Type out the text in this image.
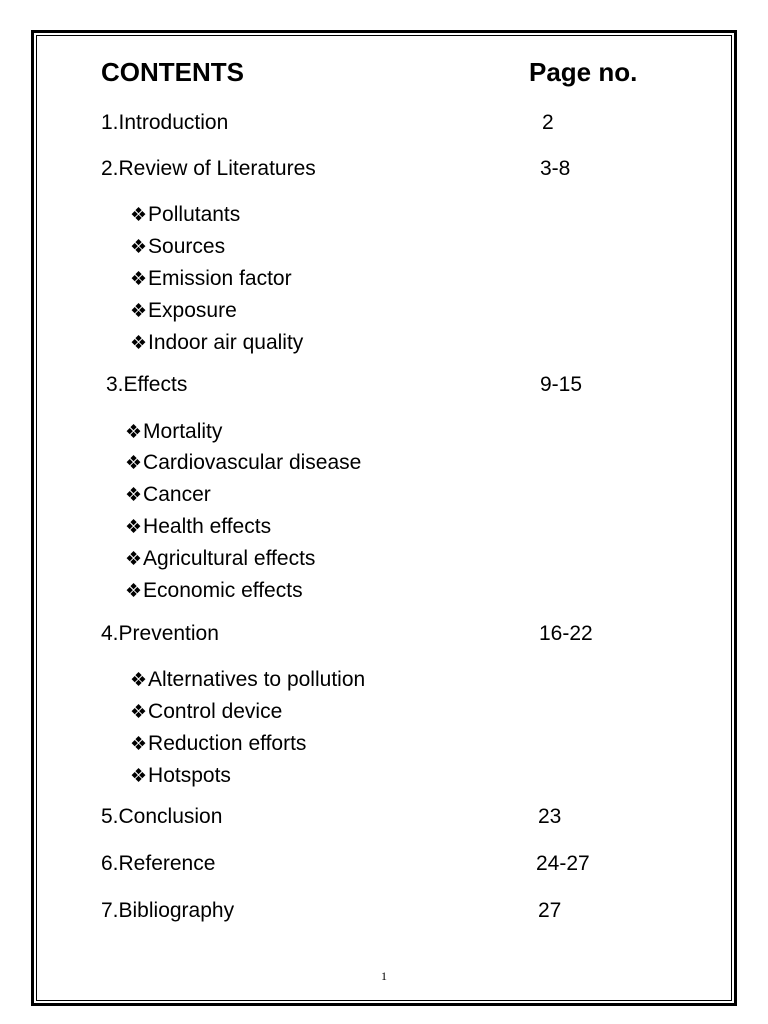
CONTENTS	Page no.
1.Introduction	2
2.Review of Literatures	3-8
❖Pollutants
❖Sources
❖Emission factor
❖Exposure
❖Indoor air quality
3.Effects	9-15
❖Mortality
❖Cardiovascular disease
❖Cancer
❖Health effects
❖Agricultural effects
❖Economic effects
4.Prevention	16-22
❖Alternatives to pollution
❖Control device
❖Reduction efforts
❖Hotspots
5.Conclusion	23
6.Reference	24-27
7.Bibliography	27
1
